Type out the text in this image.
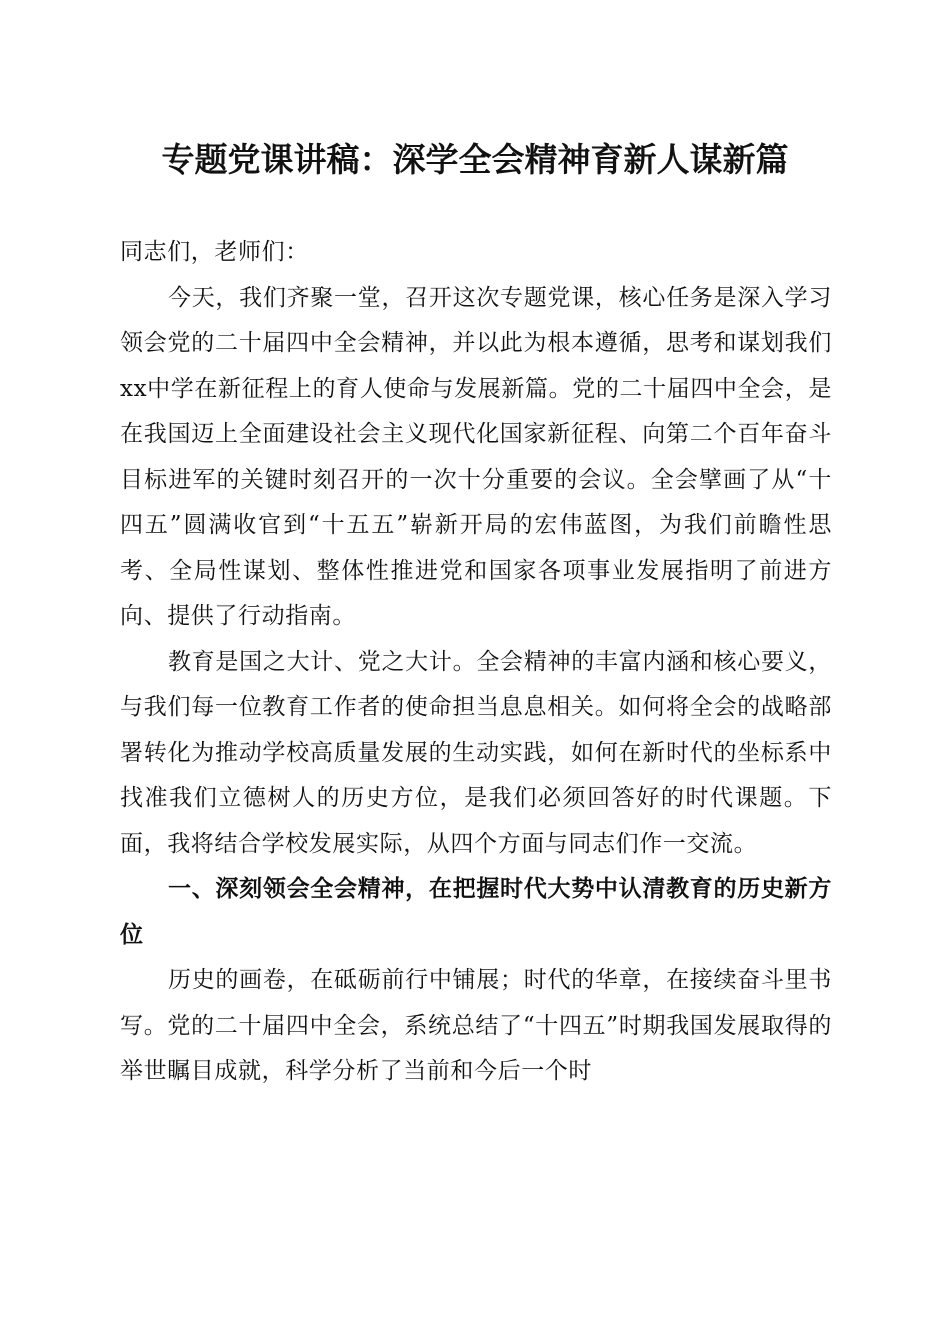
专题党课讲稿：深学全会精神育新人谋新篇

同志们，老师们：

今天，我们齐聚一堂，召开这次专题党课，核心任务是深入学习领会党的二十届四中全会精神，并以此为根本遵循，思考和谋划我们xx中学在新征程上的育人使命与发展新篇。党的二十届四中全会，是在我国迈上全面建设社会主义现代化国家新征程、向第二个百年奋斗目标进军的关键时刻召开的一次十分重要的会议。全会擘画了从“十四五”圆满收官到“十五五”崭新开局的宏伟蓝图，为我们前瞻性思考、全局性谋划、整体性推进党和国家各项事业发展指明了前进方向、提供了行动指南。

教育是国之大计、党之大计。全会精神的丰富内涵和核心要义，与我们每一位教育工作者的使命担当息息相关。如何将全会的战略部署转化为推动学校高质量发展的生动实践，如何在新时代的坐标系中找准我们立德树人的历史方位，是我们必须回答好的时代课题。下面，我将结合学校发展实际，从四个方面与同志们作一交流。

一、深刻领会全会精神，在把握时代大势中认清教育的历史新方位

历史的画卷，在砥砺前行中铺展；时代的华章，在接续奋斗里书写。党的二十届四中全会，系统总结了“十四五”时期我国发展取得的举世瞩目成就，科学分析了当前和今后一个时
